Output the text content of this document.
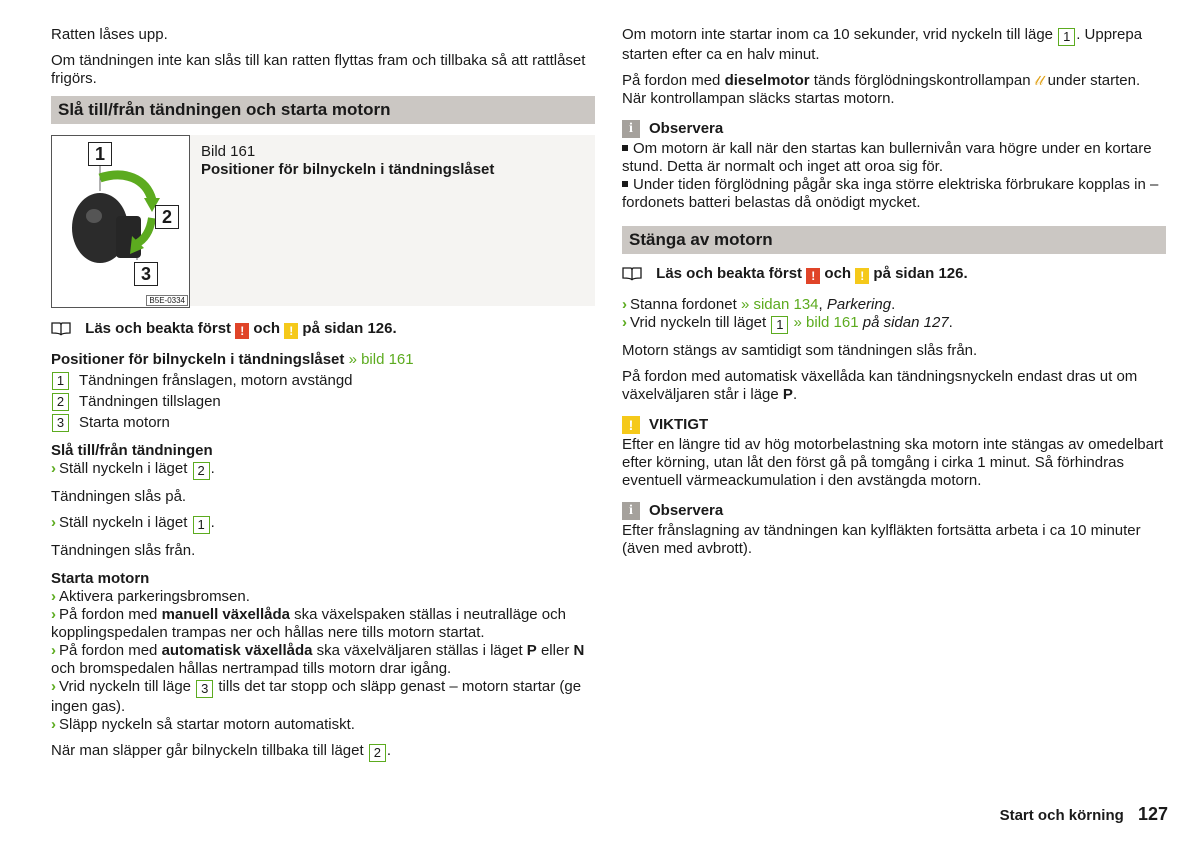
Ratten låses upp.

Om tändningen inte kan slås till kan ratten flyttas fram och tillbaka så att rattlåset frigörs.

Slå till/från tändningen och starta motorn
1
2
3
B5E-0334
Bild 161
Positioner för bilnyckeln i tändningslåset

Läs och beakta först ! och ! på sidan 126.

Positioner för bilnyckeln i tändningslåset » bild 161
1 Tändningen frånslagen, motorn avstängd
2 Tändningen tillslagen
3 Starta motorn
Slå till/från tändningen

› Ställ nyckeln i läget 2 .

Tändningen slås på.

› Ställ nyckeln i läget 1 .

Tändningen slås från.

Starta motorn
› Aktivera parkeringsbromsen.
› På fordon med manuell växellåda ska växelspaken ställas i neutralläge och kopplingspedalen trampas ner och hållas nere tills motorn startat.
› På fordon med automatisk växellåda ska växelväljaren ställas i läget P eller N och bromspedalen hållas nertrampad tills motorn drar igång.
› Vrid nyckeln till läge 3 tills det tar stopp och släpp genast – motorn startar (ge ingen gas).
› Släpp nyckeln så startar motorn automatiskt.

När man släpper går bilnyckeln tillbaka till läget 2 .

Om motorn inte startar inom ca 10 sekunder, vrid nyckeln till läge 1 . Upprepa starten efter ca en halv minut.

På fordon med dieselmotor tänds förglödningskontrollampan 𝓁𝓁 under starten. När kontrollampan släcks startas motorn.

i	Observera
Om motorn är kall när den startas kan bullernivån vara högre under en kortare stund. Detta är normalt och inget att oroa sig för.
Under tiden förglödning pågår ska inga större elektriska förbrukare kopplas in – fordonets batteri belastas då onödigt mycket.
Stänga av motorn

Läs och beakta först ! och ! på sidan 126.

› Stanna fordonet » sidan 134, Parkering.
› Vrid nyckeln till läget 1 » bild 161 på sidan 127.

Motorn stängs av samtidigt som tändningen slås från.

På fordon med automatisk växellåda kan tändningsnyckeln endast dras ut om växelväljaren står i läge P.

!	VIKTIGT

Efter en längre tid av hög motorbelastning ska motorn inte stängas av omedelbart efter körning, utan låt den först gå på tomgång i cirka 1 minut. Så förhindras eventuell värmeackumulation i den avstängda motorn.

i	Observera

Efter frånslagning av tändningen kan kylfläkten fortsätta arbeta i ca 10 minuter (även med avbrott).

Start och körning 127
